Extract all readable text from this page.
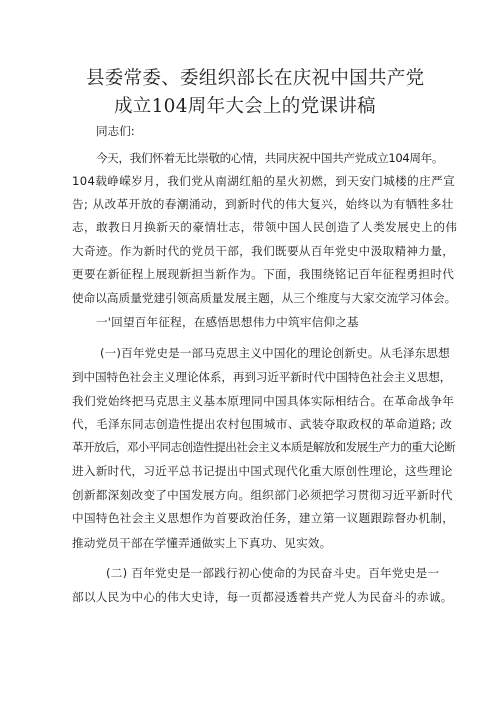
县委常委、委组织部长在庆祝中国共产党
成立104周年大会上的党课讲稿
同志们:
今天，我们怀着无比崇敬的心情，共同庆祝中国共产党成立104周年。
104载峥嵘岁月，我们党从南湖红船的星火初燃，到天安门城楼的庄严宣
告; 从改革开放的春潮涌动，到新时代的伟大复兴，始终以为有牺牲多壮
志，敢教日月换新天的豪情壮志，带领中国人民创造了人类发展史上的伟
大奇迹。作为新时代的党员干部，我们既要从百年党史中汲取精神力量，
更要在新征程上展现新担当新作为。下面，我围绕铭记百年征程勇担时代
使命以高质量党建引领高质量发展主题，从三个维度与大家交流学习体会。
一'回望百年征程，在感悟思想伟力中筑牢信仰之基
(一)百年党史是一部马克思主义中国化的理论创新史。从毛泽东思想
到中国特色社会主义理论体系，再到习近平新时代中国特色社会主义思想，
我们党始终把马克思主义基本原理同中国具体实际相结合。在革命战争年
代，毛泽东同志创造性提出农村包围城市、武装夺取政权的革命道路; 改
革开放后，邓小平同志创造性提出社会主义本质是解放和发展生产力的重大论断
进入新时代，习近平总书记提出中国式现代化重大原创性理论，这些理论
创新都深刻改变了中国发展方向。组织部门必须把学习贯彻习近平新时代
中国特色社会主义思想作为首要政治任务，建立第一议题跟踪督办机制，
推动党员干部在学懂弄通做实上下真功、见实效。
(二) 百年党史是一部践行初心使命的为民奋斗史。百年党史是一
部以人民为中心的伟大史诗，每一页都浸透着共产党人为民奋斗的赤诚。
